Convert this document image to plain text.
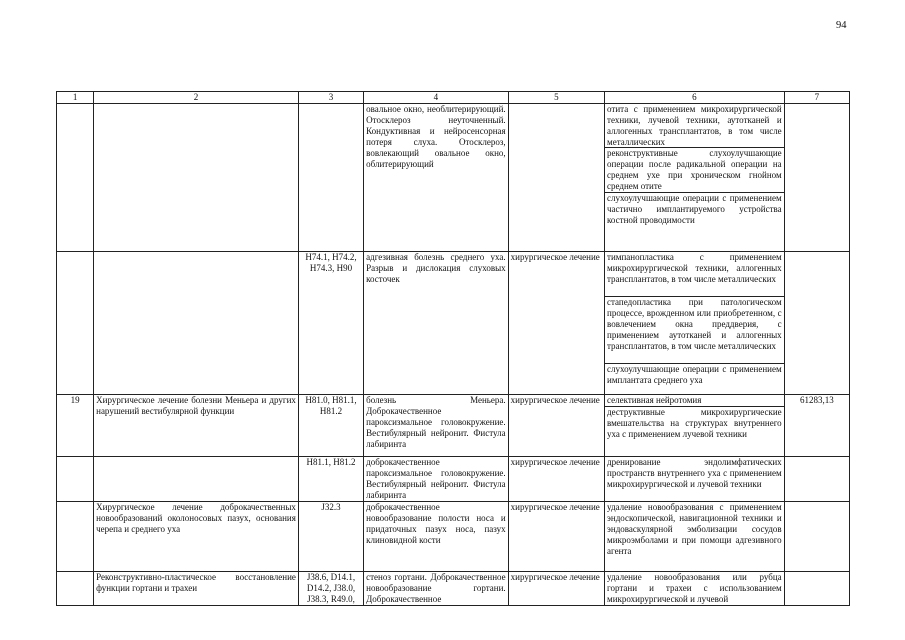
94
1	2	3	4	5	6	7
			овальное окно, необлитерирующий. Отосклероз неуточненный. Кондуктивная и нейросенсорная потеря слуха. Отосклероз, вовлекающий овальное окно, облитерирующий		отита с применением микрохирургической техники, лучевой техники, аутотканей и аллогенных трансплантатов, в том числе металлических
реконструктивные слухоулучшающие операции после радикальной операции на среднем ухе при хроническом гнойном среднем отите
слухоулучшающие операции с применением частично имплантируемого устройства костной проводимости	

		H74.1, H74.2, H74.3, H90	адгезивная болезнь среднего уха. Разрыв и дислокация слуховых косточек	хирургическое лечение	тимпанопластика с применением микрохирургической техники, аллогенных трансплантатов, в том числе металлических
стапедопластика при патологическом процессе, врожденном или приобретенном, с вовлечением окна преддверия, с применением аутотканей и аллогенных трансплантатов, в том числе металлических
слухоулучшающие операции с применением имплантата среднего уха	

19	Хирургическое лечение болезни Меньера и других нарушений вестибулярной функции	H81.0, H81.1, H81.2	болезнь Меньера. Доброкачественное пароксизмальное головокружение. Вестибулярный нейронит. Фистула лабиринта	хирургическое лечение	селективная нейротомия
деструктивные микрохирургические вмешательства на структурах внутреннего уха с применением лучевой техники	61283,13
		H81.1, H81.2	доброкачественное пароксизмальное головокружение. Вестибулярный нейронит. Фистула лабиринта	хирургическое лечение	дренирование эндолимфатических пространств внутреннего уха с применением микрохирургической и лучевой техники	
	Хирургическое лечение доброкачественных новообразований околоносовых пазух, основания черепа и среднего уха	J32.3	доброкачественное новообразование полости носа и придаточных пазух носа, пазух клиновидной кости	хирургическое лечение	удаление новообразования с применением эндоскопической, навигационной техники и эндоваскулярной эмболизации сосудов микроэмболами и при помощи адгезивного агента	
	Реконструктивно-пластическое восстановление функции гортани и трахеи	J38.6, D14.1, D14.2, J38.0, J38.3, R49.0,	стеноз гортани. Доброкачественное новообразование гортани. Доброкачественное	хирургическое лечение	удаление новообразования или рубца гортани и трахеи с использованием микрохирургической и лучевой	
